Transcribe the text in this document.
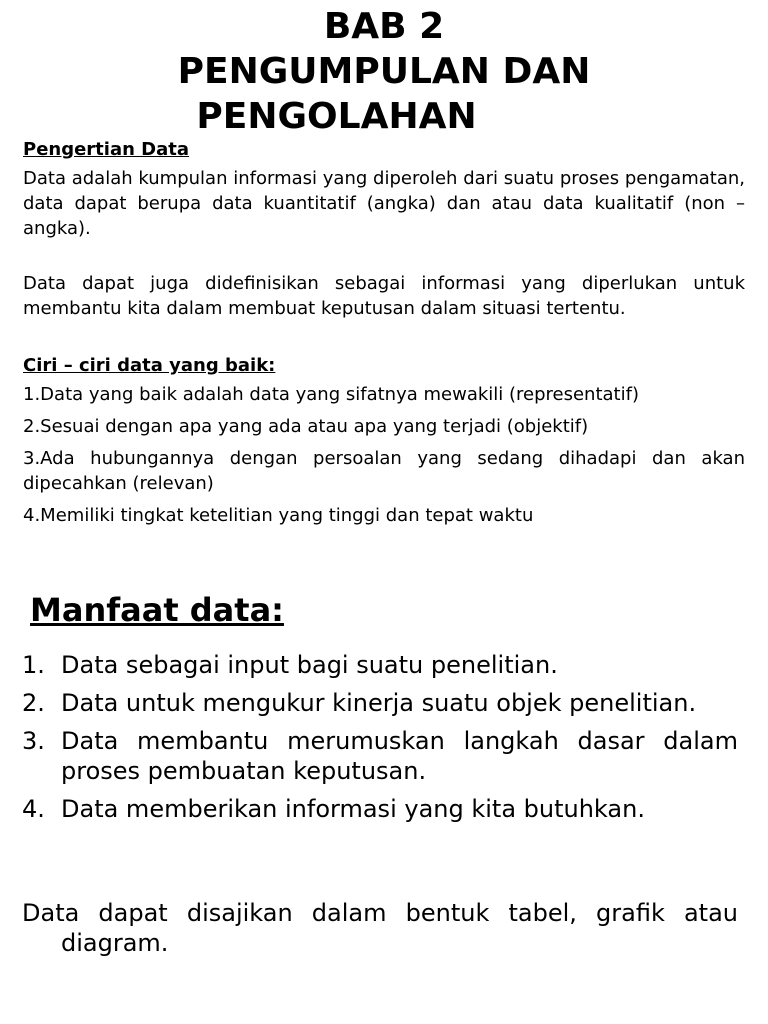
BAB 2
PENGUMPULAN DAN
PENGOLAHAN

Pengertian Data

Data adalah kumpulan informasi yang diperoleh dari suatu proses pengamatan, data dapat berupa data kuantitatif (angka) dan atau data kualitatif (non – angka).

Data dapat juga didefinisikan sebagai informasi yang diperlukan untuk membantu kita dalam membuat keputusan dalam situasi tertentu.

Ciri – ciri data yang baik:

1.Data yang baik adalah data yang sifatnya mewakili (representatif)

2.Sesuai dengan apa yang ada atau apa yang terjadi (objektif)

3.Ada hubungannya dengan persoalan yang sedang dihadapi dan akan dipecahkan (relevan)

4.Memiliki tingkat ketelitian yang tinggi dan tepat waktu

Manfaat data:
1. Data sebagai input bagi suatu penelitian.
2. Data untuk mengukur kinerja suatu objek penelitian.
3. Data membantu merumuskan langkah dasar dalam proses pembuatan keputusan.
4. Data memberikan informasi yang kita butuhkan.
Data dapat disajikan dalam bentuk tabel, grafik atau diagram.
